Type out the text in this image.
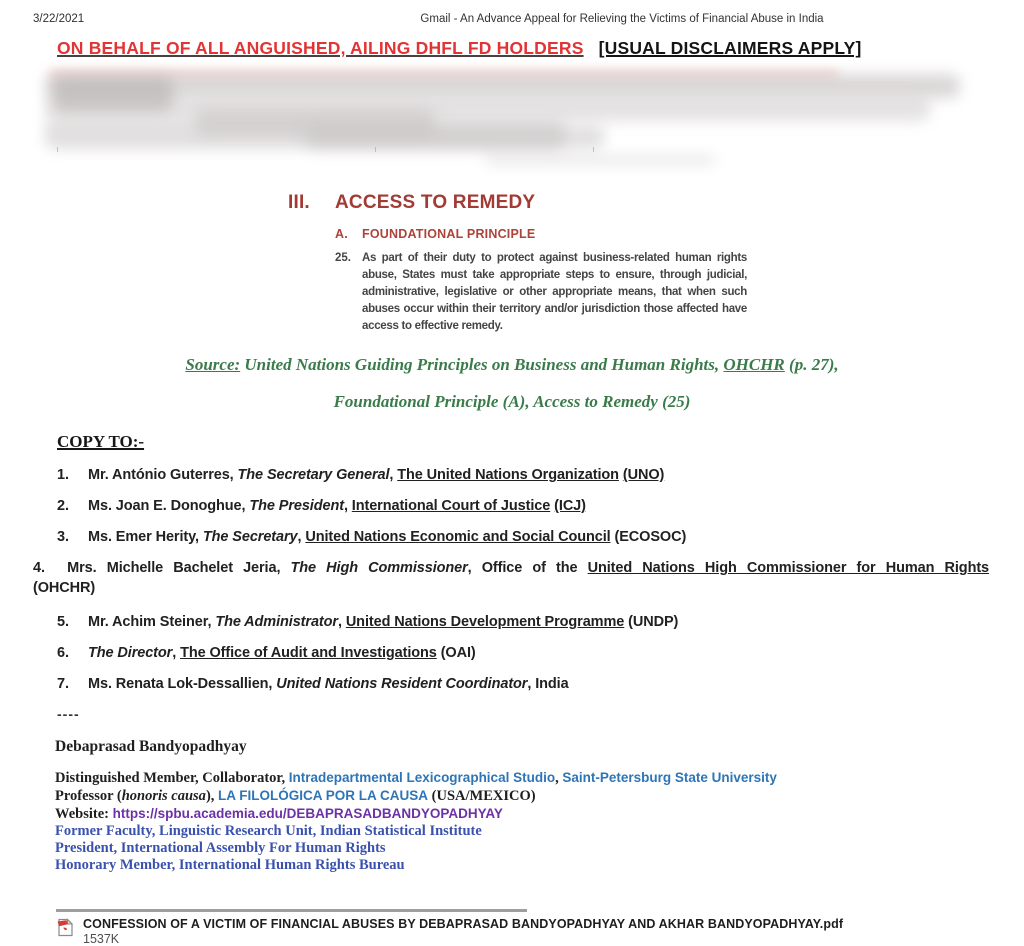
3/22/2021	Gmail - An Advance Appeal for Relieving the Victims of Financial Abuse in India
ON BEHALF OF ALL ANGUISHED, AILING DHFL FD HOLDERS [USUAL DISCLAIMERS APPLY]
III. ACCESS TO REMEDY
A. FOUNDATIONAL PRINCIPLE
25. As part of their duty to protect against business-related human rights abuse, States must take appropriate steps to ensure, through judicial, administrative, legislative or other appropriate means, that when such abuses occur within their territory and/or jurisdiction those affected have access to effective remedy.
Source: United Nations Guiding Principles on Business and Human Rights, OHCHR (p. 27),
Foundational Principle (A), Access to Remedy (25)
COPY TO:-
1. Mr. António Guterres, The Secretary General, The United Nations Organization (UNO)
2. Ms. Joan E. Donoghue, The President, International Court of Justice (ICJ)
3. Ms. Emer Herity, The Secretary, United Nations Economic and Social Council (ECOSOC)
4. Mrs. Michelle Bachelet Jeria, The High Commissioner, Office of the United Nations High Commissioner for Human Rights
(OHCHR)
5. Mr. Achim Steiner, The Administrator, United Nations Development Programme (UNDP)
6. The Director, The Office of Audit and Investigations (OAI)
7. Ms. Renata Lok-Dessallien, United Nations Resident Coordinator, India
----
Debaprasad Bandyopadhyay
Distinguished Member, Collaborator, Intradepartmental Lexicographical Studio, Saint-Petersburg State University
Professor (honoris causa), LA FILOLÓGICA POR LA CAUSA (USA/MEXICO)
Website: https://spbu.academia.edu/DEBAPRASADBANDYOPADHYAY
Former Faculty, Linguistic Research Unit, Indian Statistical Institute
President, International Assembly For Human Rights
Honorary Member, International Human Rights Bureau
CONFESSION OF A VICTIM OF FINANCIAL ABUSES BY DEBAPRASAD BANDYOPADHYAY AND AKHAR BANDYOPADHYAY.pdf
1537K
